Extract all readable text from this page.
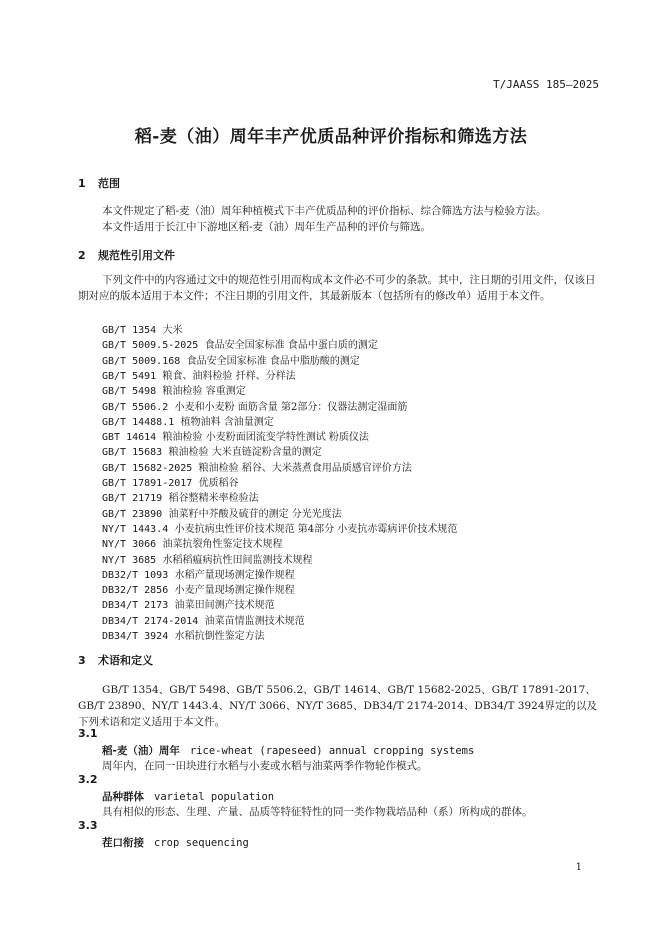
T/JAASS 185—2025
稻-麦（油）周年丰产优质品种评价指标和筛选方法
1 范围
本文件规定了稻-麦（油）周年种植模式下丰产优质品种的评价指标、综合筛选方法与检验方法。
本文件适用于长江中下游地区稻-麦（油）周年生产品种的评价与筛选。
2 规范性引用文件
下列文件中的内容通过文中的规范性引用而构成本文件必不可少的条款。其中，注日期的引用文件，仅该日期对应的版本适用于本文件；不注日期的引用文件，其最新版本（包括所有的修改单）适用于本文件。
GB/T 1354 大米
GB/T 5009.5-2025 食品安全国家标准 食品中蛋白质的测定
GB/T 5009.168 食品安全国家标准 食品中脂肪酸的测定
GB/T 5491 粮食、油料检验 扦样、分样法
GB/T 5498 粮油检验 容重测定
GB/T 5506.2 小麦和小麦粉 面筋含量 第2部分：仪器法测定湿面筋
GB/T 14488.1 植物油料 含油量测定
GBT 14614 粮油检验 小麦粉面团流变学特性测试 粉质仪法
GB/T 15683 粮油检验 大米直链淀粉含量的测定
GB/T 15682-2025 粮油检验 稻谷、大米蒸煮食用品质感官评价方法
GB/T 17891-2017 优质稻谷
GB/T 21719 稻谷整精米率检验法
GB/T 23890 油菜籽中芥酸及硫苷的测定 分光光度法
NY/T 1443.4 小麦抗病虫性评价技术规范 第4部分 小麦抗赤霉病评价技术规范
NY/T 3066 油菜抗裂角性鉴定技术规程
NY/T 3685 水稻稻瘟病抗性田间监测技术规程
DB32/T 1093 水稻产量现场测定操作规程
DB32/T 2856 小麦产量现场测定操作规程
DB34/T 2173 油菜田间测产技术规范
DB34/T 2174-2014 油菜苗情监测技术规范
DB34/T 3924 水稻抗倒性鉴定方法
3 术语和定义
GB/T 1354、GB/T 5498、GB/T 5506.2、GB/T 14614、GB/T 15682-2025、GB/T 17891-2017、GB/T 23890、NY/T 1443.4、NY/T 3066、NY/T 3685、DB34/T 2174-2014、DB34/T 3924界定的以及下列术语和定义适用于本文件。
3.1
稻-麦（油）周年 rice-wheat (rapeseed) annual cropping systems
周年内，在同一田块进行水稻与小麦或水稻与油菜两季作物轮作模式。
3.2
品种群体 varietal population
具有相似的形态、生理、产量、品质等特征特性的同一类作物栽培品种（系）所构成的群体。
3.3
茬口衔接 crop sequencing
1
